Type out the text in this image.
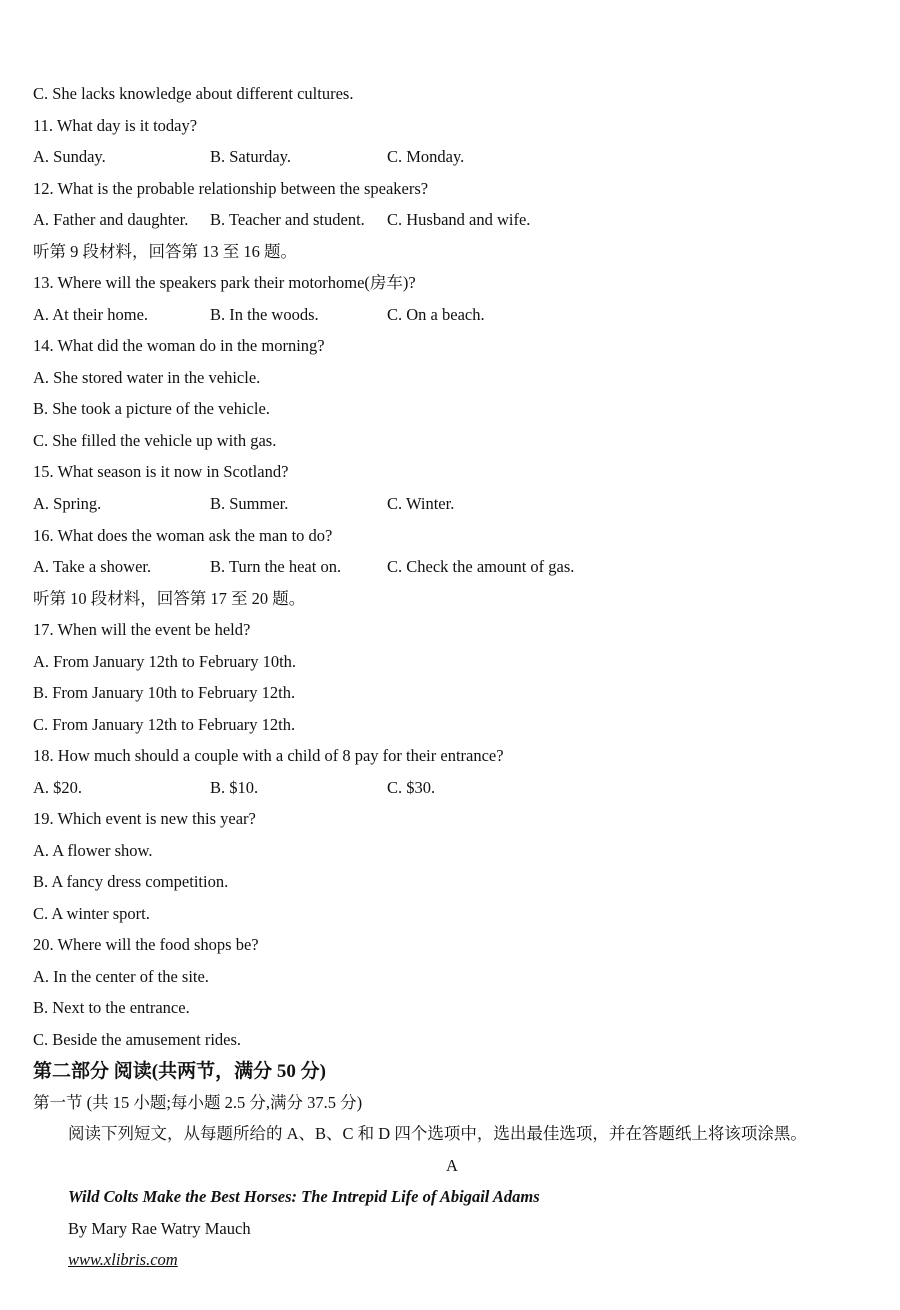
C. She lacks knowledge about different cultures.
11. What day is it today?
A. Sunday.	B. Saturday.	C. Monday.
12. What is the probable relationship between the speakers?
A. Father and daughter. B. Teacher and student. C. Husband and wife.
听第 9 段材料，回答第 13 至 16 题。
13. Where will the speakers park their motorhome(房车)?
A. At their home.	B. In the woods.	C. On a beach.
14. What did the woman do in the morning?
A. She stored water in the vehicle.
B. She took a picture of the vehicle.
C. She filled the vehicle up with gas.
15. What season is it now in Scotland?
A. Spring.	B. Summer.	C. Winter.
16. What does the woman ask the man to do?
A. Take a shower.	B. Turn the heat on.	C. Check the amount of gas.
听第 10 段材料，回答第 17 至 20 题。
17. When will the event be held?
A. From January 12th to February 10th.
B. From January 10th to February 12th.
C. From January 12th to February 12th.
18. How much should a couple with a child of 8 pay for their entrance?
A. $20.	B. $10.	C. $30.
19. Which event is new this year?
A. A flower show.
B. A fancy dress competition.
C. A winter sport.
20. Where will the food shops be?
A. In the center of the site.
B. Next to the entrance.
C. Beside the amusement rides.
第二部分 阅读(共两节，满分 50 分)
第一节 (共 15 小题;每小题 2.5 分,满分 37.5 分)
阅读下列短文，从每题所给的 A、B、C 和 D 四个选项中，选出最佳选项，并在答题纸上将该项涂黑。
A
Wild Colts Make the Best Horses: The Intrepid Life of Abigail Adams
By Mary Rae Watry Mauch
www.xlibris.com
